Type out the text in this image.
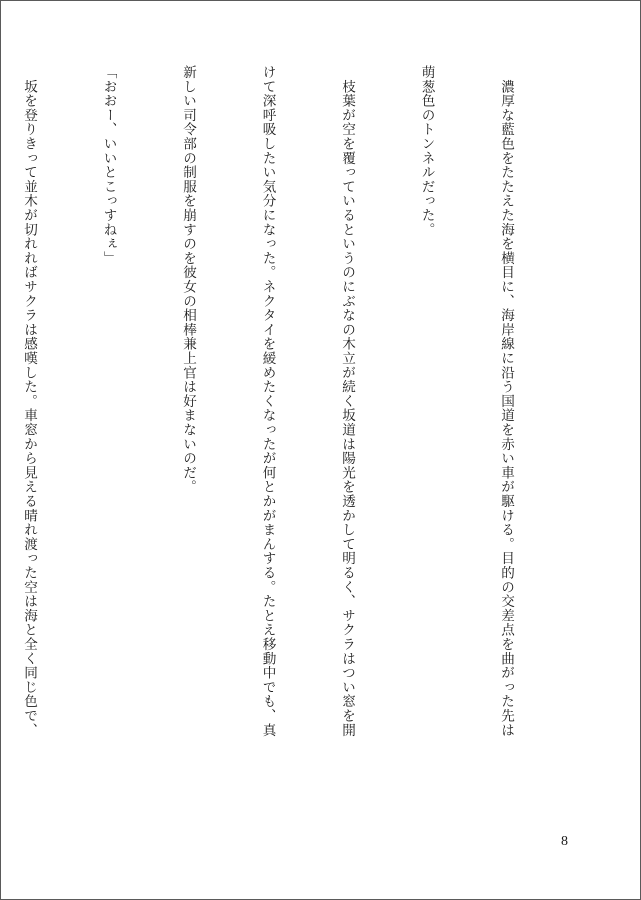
　濃厚な藍色をたたえた海を横目に、海岸線に沿う国道を赤い車が駆ける。目的の交差点を曲がった先は

萌葱色のトンネルだった。

　枝葉が空を覆っているというのにぶなの木立が続く坂道は陽光を透かして明るく、サクラはつい窓を開

けて深呼吸したい気分になった。ネクタイを緩めたくなったが何とかがまんする。たとえ移動中でも、真

新しい司令部の制服を崩すのを彼女の相棒兼上官は好まないのだ。

「おおー、いいとこっすねぇ」

　坂を登りきって並木が切れればサクラは感嘆した。車窓から見える晴れ渡った空は海と全く同じ色で、

8
